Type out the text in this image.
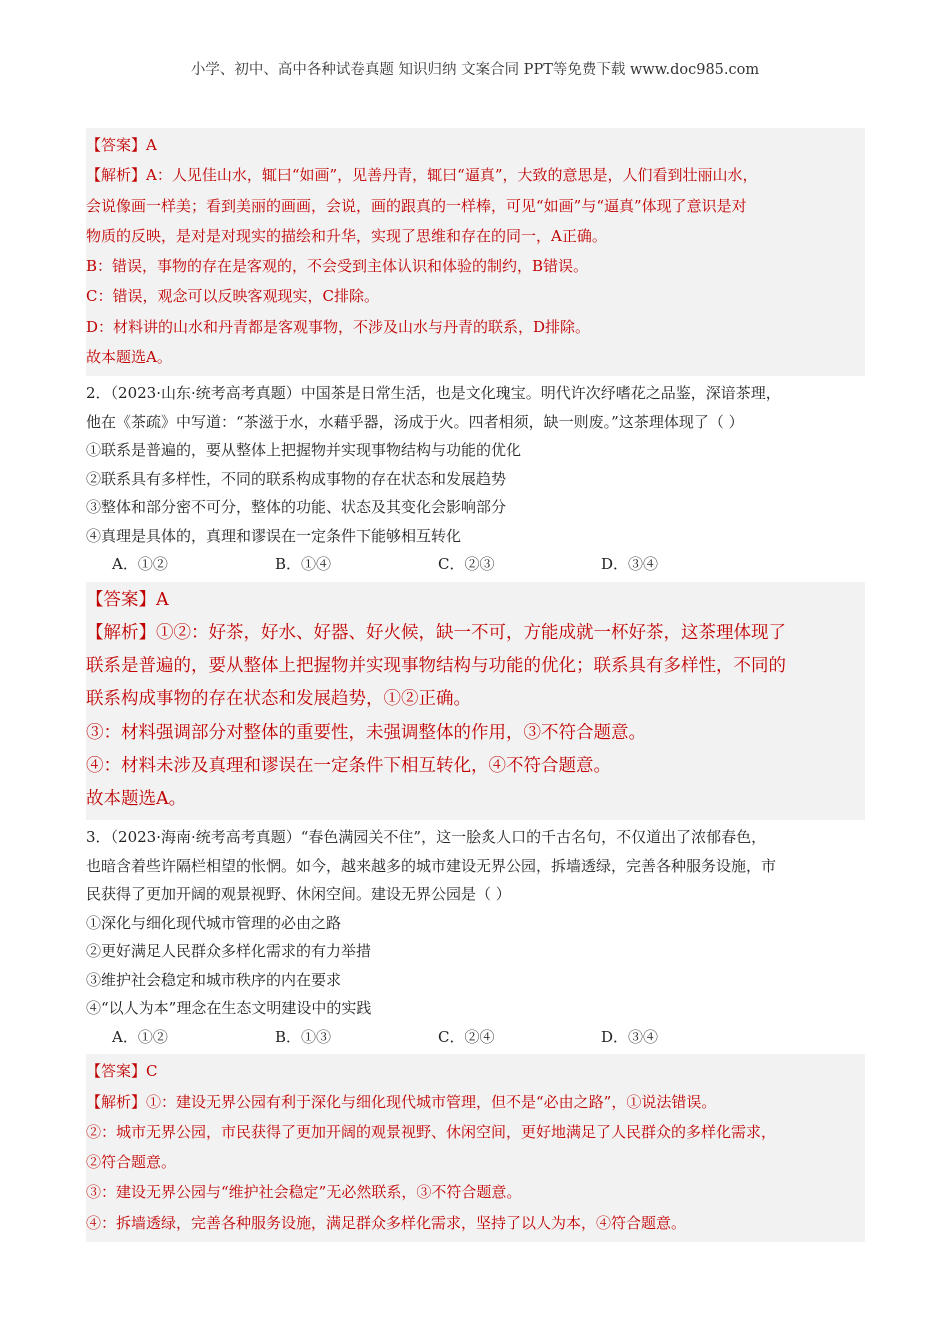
小学、初中、高中各种试卷真题 知识归纳 文案合同 PPT等免费下载 www.doc985.com
【答案】A
【解析】A：人见佳山水，辄曰“如画”，见善丹青，辄曰“逼真”，大致的意思是，人们看到壮丽山水，
会说像画一样美；看到美丽的画画，会说，画的跟真的一样棒，可见“如画”与“逼真”体现了意识是对
物质的反映，是对是对现实的描绘和升华，实现了思维和存在的同一，A正确。
B：错误，事物的存在是客观的，不会受到主体认识和体验的制约，B错误。
C：错误，观念可以反映客观现实，C排除。
D：材料讲的山水和丹青都是客观事物，不涉及山水与丹青的联系，D排除。
故本题选A。
2．（2023·山东·统考高考真题）中国茶是日常生活，也是文化瑰宝。明代许次纾嗜花之品鉴，深谙茶理，
他在《茶疏》中写道：“茶滋于水，水藉乎器，汤成于火。四者相须，缺一则废。”这茶理体现了（ ）
①联系是普遍的，要从整体上把握物并实现事物结构与功能的优化
②联系具有多样性，不同的联系构成事物的存在状态和发展趋势
③整体和部分密不可分，整体的功能、状态及其变化会影响部分
④真理是具体的，真理和谬误在一定条件下能够相互转化
A．①②	B．①④	C．②③	D．③④
【答案】A
【解析】①②：好茶，好水、好器、好火候，缺一不可，方能成就一杯好茶，这茶理体现了
联系是普遍的，要从整体上把握物并实现事物结构与功能的优化；联系具有多样性，不同的
联系构成事物的存在状态和发展趋势，①②正确。
③：材料强调部分对整体的重要性，未强调整体的作用，③不符合题意。
④：材料未涉及真理和谬误在一定条件下相互转化，④不符合题意。
故本题选A。
3．（2023·海南·统考高考真题）“春色满园关不住”，这一脍炙人口的千古名句，不仅道出了浓郁春色，
也暗含着些许隔栏相望的怅惘。如今，越来越多的城市建设无界公园，拆墙透绿，完善各种服务设施，市
民获得了更加开阔的观景视野、休闲空间。建设无界公园是（ ）
①深化与细化现代城市管理的必由之路
②更好满足人民群众多样化需求的有力举措
③维护社会稳定和城市秩序的内在要求
④“以人为本”理念在生态文明建设中的实践
A．①②	B．①③	C．②④	D．③④
【答案】C
【解析】①：建设无界公园有利于深化与细化现代城市管理，但不是“必由之路”，①说法错误。
②：城市无界公园，市民获得了更加开阔的观景视野、休闲空间，更好地满足了人民群众的多样化需求，
②符合题意。
③：建设无界公园与“维护社会稳定”无必然联系，③不符合题意。
④：拆墙透绿，完善各种服务设施，满足群众多样化需求，坚持了以人为本，④符合题意。
